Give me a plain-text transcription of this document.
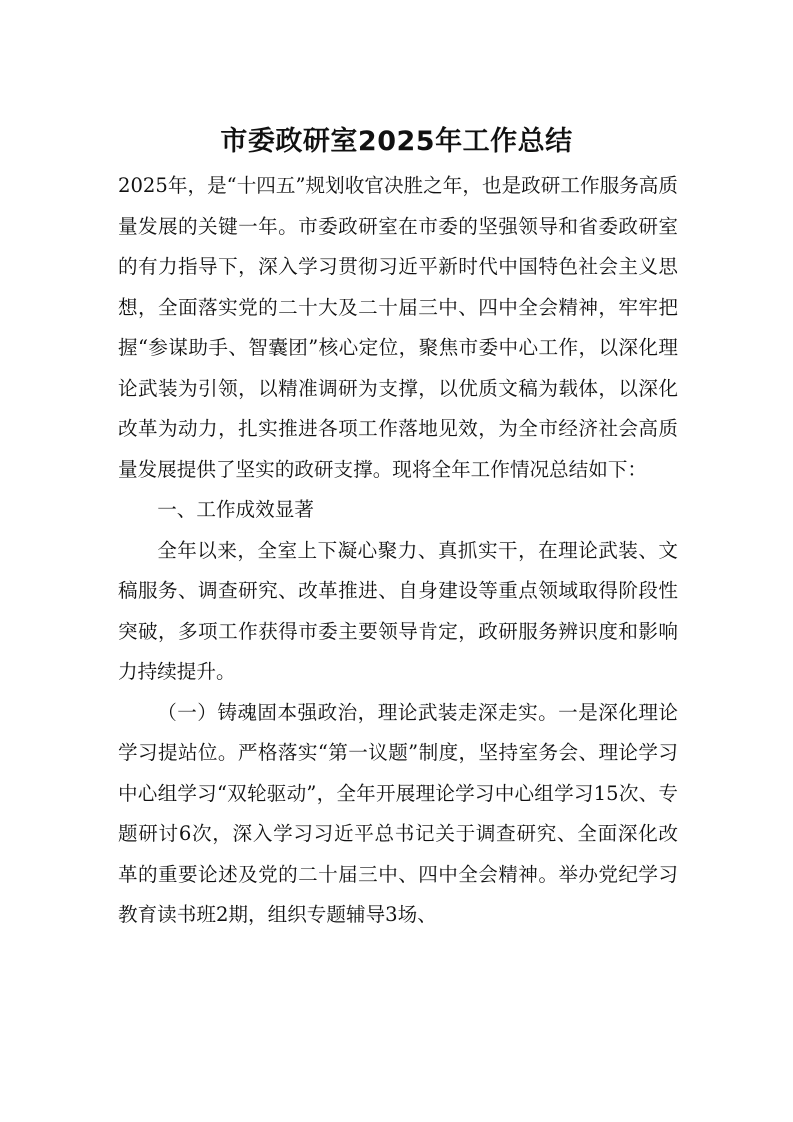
市委政研室2025年工作总结

2025年，是“十四五”规划收官决胜之年，也是政研工作服务高质量发展的关键一年。市委政研室在市委的坚强领导和省委政研室的有力指导下，深入学习贯彻习近平新时代中国特色社会主义思想，全面落实党的二十大及二十届三中、四中全会精神，牢牢把握“参谋助手、智囊团”核心定位，聚焦市委中心工作，以深化理论武装为引领，以精准调研为支撑，以优质文稿为载体，以深化改革为动力，扎实推进各项工作落地见效，为全市经济社会高质量发展提供了坚实的政研支撑。现将全年工作情况总结如下：

一、工作成效显著

全年以来，全室上下凝心聚力、真抓实干，在理论武装、文稿服务、调查研究、改革推进、自身建设等重点领域取得阶段性突破，多项工作获得市委主要领导肯定，政研服务辨识度和影响力持续提升。

（一）铸魂固本强政治，理论武装走深走实。一是深化理论学习提站位。严格落实“第一议题”制度，坚持室务会、理论学习中心组学习“双轮驱动”，全年开展理论学习中心组学习15次、专题研讨6次，深入学习习近平总书记关于调查研究、全面深化改革的重要论述及党的二十届三中、四中全会精神。举办党纪学习教育读书班2期，组织专题辅导3场、
